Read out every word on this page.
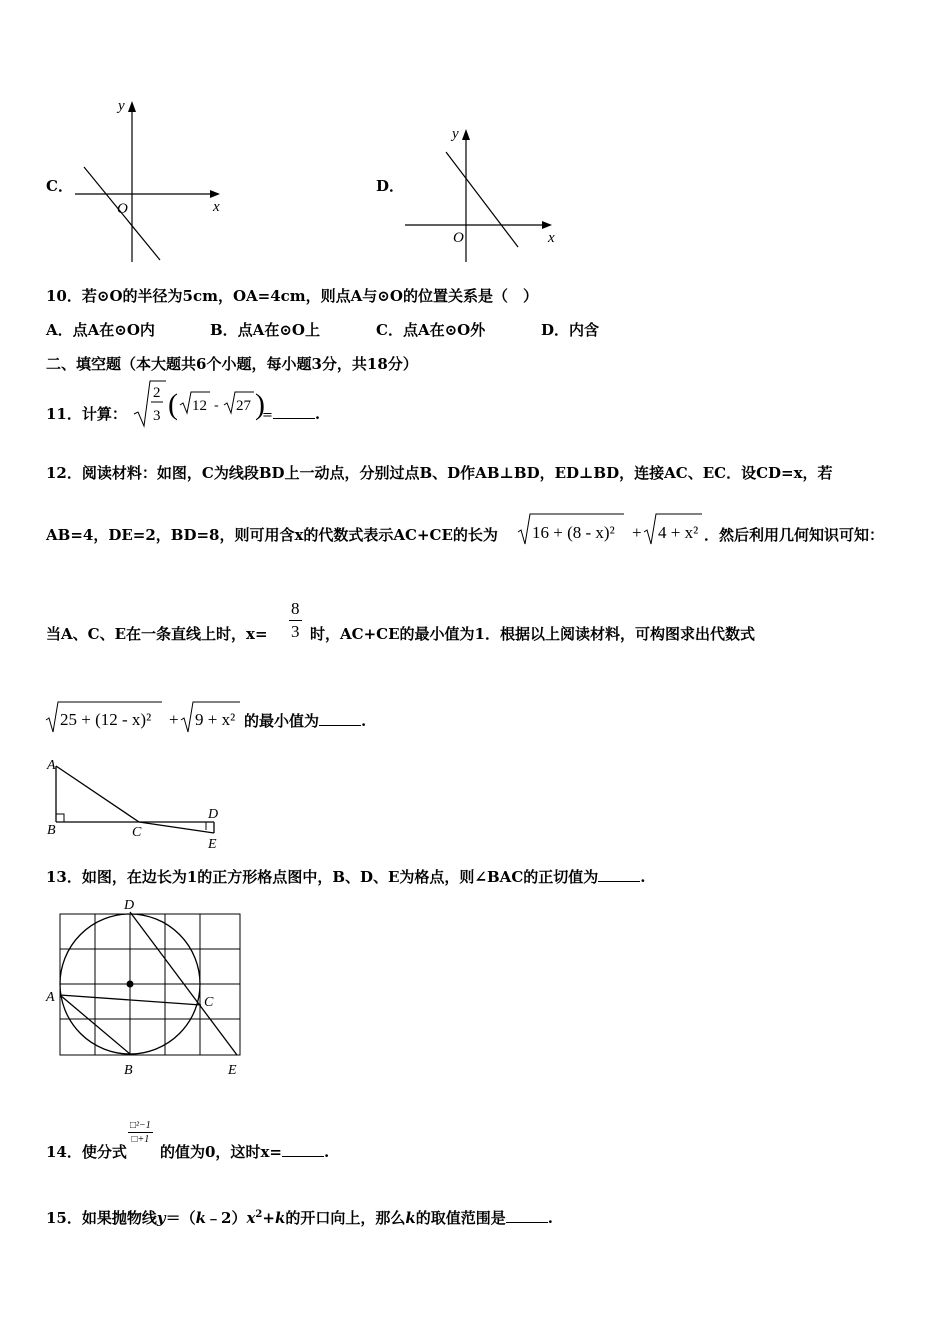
C．
y
x
O
D．
y
x
O
10．若⊙O的半径为5cm，OA=4cm，则点A与⊙O的位置关系是（　）
A．点A在⊙O内	B．点A在⊙O上	C．点A在⊙O外	D．内含
二、填空题（本大题共6个小题，每小题3分，共18分）
11．计算：
2
3 ( 12 - 27 )
=	.
12．阅读材料：如图，C为线段BD上一动点，分别过点B、D作AB⊥BD，ED⊥BD，连接AC、EC．设CD=x，若
AB=4，DE=2，BD=8，则可用含x的代数式表示AC+CE的长为 16 + (8 - x)² + 4 + x² ．然后利用几何知识可知：
当A、C、E在一条直线上时，$x= \frac{8}{3}$ 时，AC+CE的最小值为1．根据以上阅读材料，可构图求出代数式
25 + (12 - x)² + 9 + x² 的最小值为	.
A
B	C
D
E
13．如图，在边长为1的正方形格点图中，B、D、E为格点，则∠BAC的正切值为	.
A
B
C
D
E
14．使分式
$\frac{\text{□²−1}}{□+1}$
的值为0，这时x=	.
15．如果抛物线$y=(k﹣2)x^2+k$的开口向上，那么k的取值范围是	.
